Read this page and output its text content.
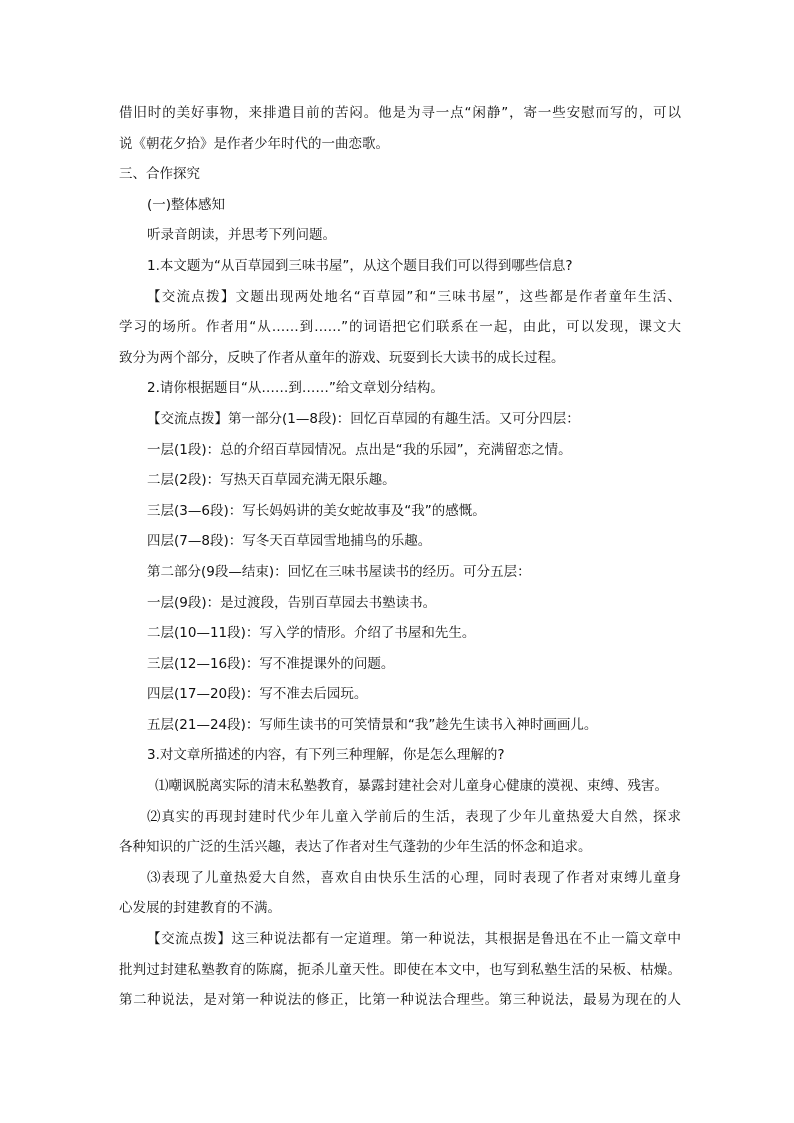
借旧时的美好事物，来排遣目前的苦闷。他是为寻一点“闲静”，寄一些安慰而写的，可以
说《朝花夕拾》是作者少年时代的一曲恋歌。
三、合作探究
(一)整体感知
听录音朗读，并思考下列问题。
1.本文题为“从百草园到三味书屋”，从这个题目我们可以得到哪些信息?
【交流点拨】文题出现两处地名“百草园”和“三味书屋”，这些都是作者童年生活、
学习的场所。作者用“从……到……”的词语把它们联系在一起，由此，可以发现，课文大
致分为两个部分，反映了作者从童年的游戏、玩耍到长大读书的成长过程。
2.请你根据题目“从……到……”给文章划分结构。
【交流点拨】第一部分(1—8段)：回忆百草园的有趣生活。又可分四层：
一层(1段)：总的介绍百草园情况。点出是“我的乐园”，充满留恋之情。
二层(2段)：写热天百草园充满无限乐趣。
三层(3—6段)：写长妈妈讲的美女蛇故事及“我”的感慨。
四层(7—8段)：写冬天百草园雪地捕鸟的乐趣。
第二部分(9段—结束)：回忆在三味书屋读书的经历。可分五层：
一层(9段)：是过渡段，告别百草园去书塾读书。
二层(10—11段)：写入学的情形。介绍了书屋和先生。
三层(12—16段)：写不准提课外的问题。
四层(17—20段)：写不准去后园玩。
五层(21—24段)：写师生读书的可笑情景和“我”趁先生读书入神时画画儿。
3.对文章所描述的内容，有下列三种理解，你是怎么理解的?
⑴嘲讽脱离实际的清末私塾教育，暴露封建社会对儿童身心健康的漠视、束缚、残害。
⑵真实的再现封建时代少年儿童入学前后的生活，表现了少年儿童热爱大自然，探求
各种知识的广泛的生活兴趣，表达了作者对生气蓬勃的少年生活的怀念和追求。
⑶表现了儿童热爱大自然，喜欢自由快乐生活的心理，同时表现了作者对束缚儿童身
心发展的封建教育的不满。
【交流点拨】这三种说法都有一定道理。第一种说法，其根据是鲁迅在不止一篇文章中
批判过封建私塾教育的陈腐，扼杀儿童天性。即使在本文中，也写到私塾生活的呆板、枯燥。
第二种说法，是对第一种说法的修正，比第一种说法合理些。第三种说法，最易为现在的人
